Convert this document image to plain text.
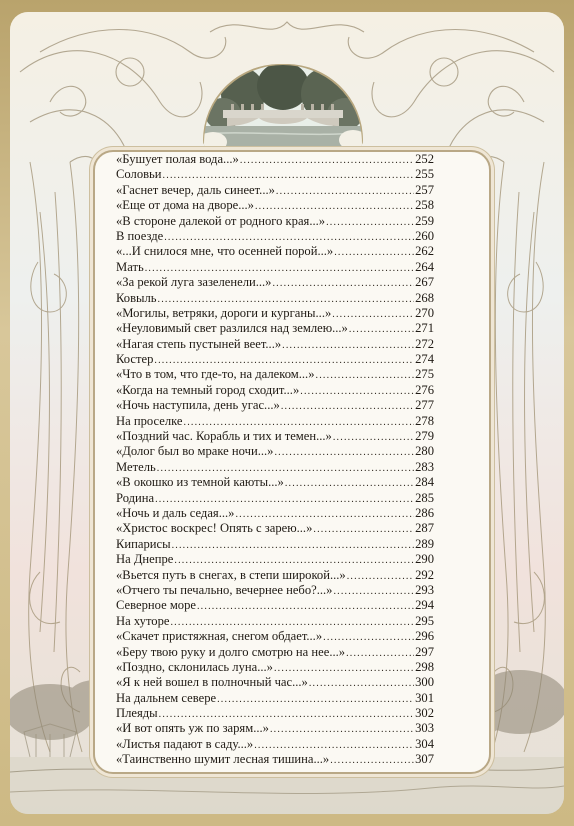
«Бушует полая вода...» .....	252
Соловьи .....	255
«Гаснет вечер, даль синеет...» .....	257
«Еще от дома на дворе...» .....	258
«В стороне далекой от родного края...» .....	259
В поезде .....	260
«...И снилося мне, что осенней порой...» .....	262
Мать .....	264
«За рекой луга зазеленели...» .....	267
Ковыль .....	268
«Могилы, ветряки, дороги и курганы...» .....	270
«Неуловимый свет разлился над землею...» .....	271
«Нагая степь пустыней веет...» .....	272
Костер .....	274
«Что в том, что где-то, на далеком...» .....	275
«Когда на темный город сходит...» .....	276
«Ночь наступила, день угас...» .....	277
На проселке .....	278
«Поздний час. Корабль и тих и темен...» .....	279
«Долог был во мраке ночи...» .....	280
Метель .....	283
«В окошко из темной каюты...» .....	284
Родина .....	285
«Ночь и даль седая...» .....	286
«Христос воскрес! Опять с зарею...» .....	287
Кипарисы .....	289
На Днепре .....	290
«Вьется путь в снегах, в степи широкой...» .....	292
«Отчего ты печально, вечернее небо?...» .....	293
Северное море .....	294
На хуторе .....	295
«Скачет пристяжная, снегом обдает...» .....	296
«Беру твою руку и долго смотрю на нее...» .....	297
«Поздно, склонилась луна...» .....	298
«Я к ней вошел в полночный час...» .....	300
На дальнем севере .....	301
Плеяды .....	302
«И вот опять уж по зарям...» .....	303
«Листья падают в саду...» .....	304
«Таинственно шумит лесная тишина...» .....	307
